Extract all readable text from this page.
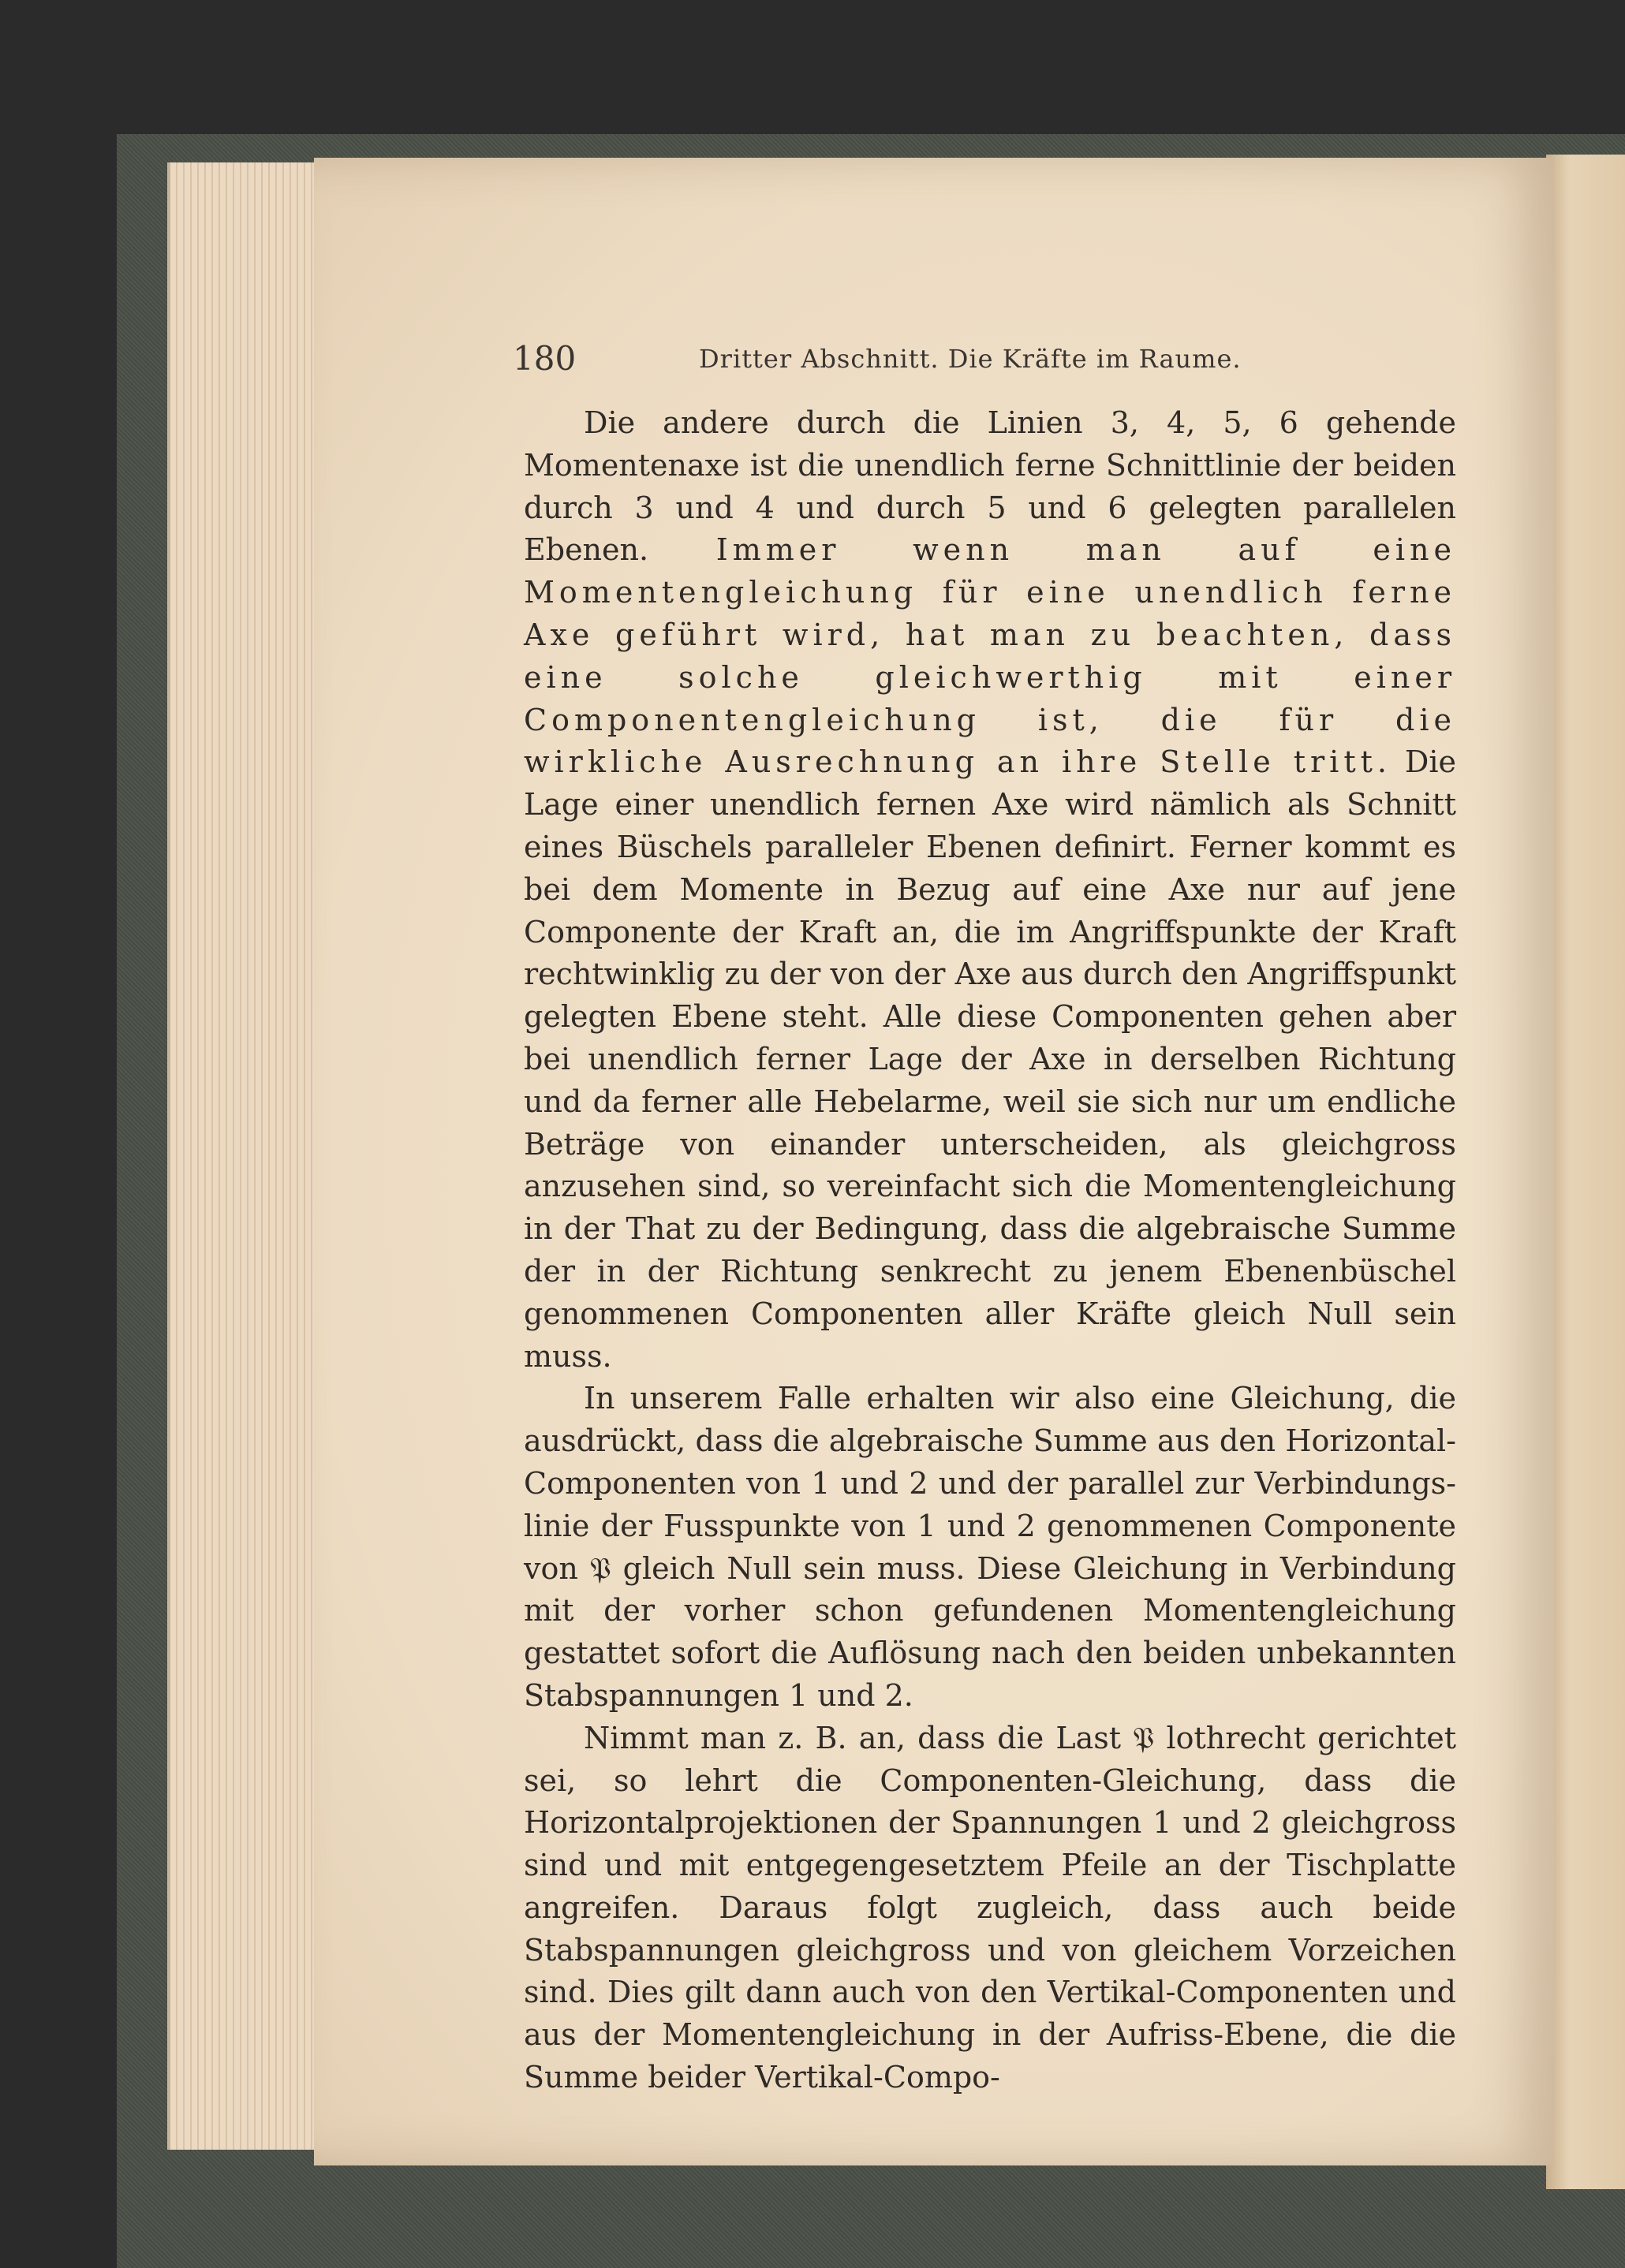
180	Dritter Abschnitt. Die Kräfte im Raume.

Die andere durch die Linien 3, 4, 5, 6 gehende Momentenaxe ist die unendlich ferne Schnittlinie der beiden durch 3 und 4 und durch 5 und 6 gelegten parallelen Ebenen. Immer wenn man auf eine Momentengleichung für eine unendlich ferne Axe geführt wird, hat man zu beachten, dass eine solche gleichwerthig mit einer Componentengleichung ist, die für die wirkliche Ausrechnung an ihre Stelle tritt. Die Lage einer unendlich fernen Axe wird nämlich als Schnitt eines Büschels paralleler Ebenen definirt. Ferner kommt es bei dem Momente in Bezug auf eine Axe nur auf jene Componente der Kraft an, die im Angriffspunkte der Kraft rechtwinklig zu der von der Axe aus durch den Angriffspunkt gelegten Ebene steht. Alle diese Componenten gehen aber bei unendlich ferner Lage der Axe in derselben Richtung und da ferner alle Hebelarme, weil sie sich nur um endliche Beträge von einander unterscheiden, als gleichgross anzusehen sind, so vereinfacht sich die Momentengleichung in der That zu der Bedingung, dass die algebraische Summe der in der Richtung senkrecht zu jenem Ebenenbüschel genommenen Componenten aller Kräfte gleich Null sein muss.

In unserem Falle erhalten wir also eine Gleichung, die ausdrückt, dass die algebraische Summe aus den Horizontal-Componenten von 1 und 2 und der parallel zur Verbindungslinie der Fusspunkte von 1 und 2 genommenen Componente von 𝔓 gleich Null sein muss. Diese Gleichung in Verbindung mit der vorher schon gefundenen Momentengleichung gestattet sofort die Auflösung nach den beiden unbekannten Stabspannungen 1 und 2.

Nimmt man z. B. an, dass die Last 𝔓 lothrecht gerichtet sei, so lehrt die Componenten-Gleichung, dass die Horizontalprojektionen der Spannungen 1 und 2 gleichgross sind und mit entgegengesetztem Pfeile an der Tischplatte angreifen. Daraus folgt zugleich, dass auch beide Stabspannungen gleichgross und von gleichem Vorzeichen sind. Dies gilt dann auch von den Vertikal-Componenten und aus der Momentengleichung in der Aufriss-Ebene, die die Summe beider Vertikal-Compo-
